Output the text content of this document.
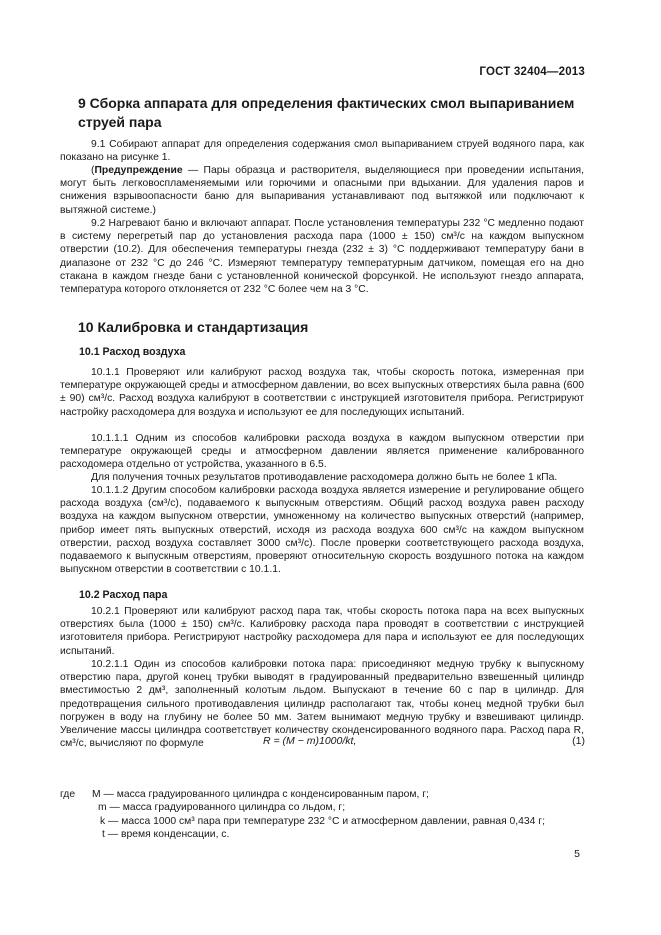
ГОСТ 32404—2013
9 Сборка аппарата для определения фактических смол выпариванием струей пара
9.1 Собирают аппарат для определения содержания смол выпариванием струей водяного пара, как показано на рисунке 1.
(Предупреждение — Пары образца и растворителя, выделяющиеся при проведении испытания, могут быть легковоспламеняемыми или горючими и опасными при вдыхании. Для удаления паров и снижения взрывоопасности баню для выпаривания устанавливают под вытяжкой или подключают к вытяжной системе.)
9.2 Нагревают баню и включают аппарат. После установления температуры 232 °С медленно подают в систему перегретый пар до установления расхода пара (1000 ± 150) см³/с на каждом выпускном отверстии (10.2). Для обеспечения температуры гнезда (232 ± 3) °С поддерживают температуру бани в диапазоне от 232 °С до 246 °С. Измеряют температуру температурным датчиком, помещая его на дно стакана в каждом гнезде бани с установленной конической форсункой. Не используют гнездо аппарата, температура которого отклоняется от 232 °С более чем на 3 °С.
10 Калибровка и стандартизация
10.1 Расход воздуха
10.1.1 Проверяют или калибруют расход воздуха так, чтобы скорость потока, измеренная при температуре окружающей среды и атмосферном давлении, во всех выпускных отверстиях была равна (600 ± 90) см³/с. Расход воздуха калибруют в соответствии с инструкцией изготовителя прибора. Регистрируют настройку расходомера для воздуха и используют ее для последующих испытаний.
10.1.1.1 Одним из способов калибровки расхода воздуха в каждом выпускном отверстии при температуре окружающей среды и атмосферном давлении является применение калиброванного расходомера отдельно от устройства, указанного в 6.5.
Для получения точных результатов противодавление расходомера должно быть не более 1 кПа.
10.1.1.2 Другим способом калибровки расхода воздуха является измерение и регулирование общего расхода воздуха (см³/с), подаваемого к выпускным отверстиям. Общий расход воздуха равен расходу воздуха на каждом выпускном отверстии, умноженному на количество выпускных отверстий (например, прибор имеет пять выпускных отверстий, исходя из расхода воздуха 600 см³/с на каждом выпускном отверстии, расход воздуха составляет 3000 см³/с). После проверки соответствующего расхода воздуха, подаваемого к выпускным отверстиям, проверяют относительную скорость воздушного потока на каждом выпускном отверстии в соответствии с 10.1.1.
10.2 Расход пара
10.2.1 Проверяют или калибруют расход пара так, чтобы скорость потока пара на всех выпускных отверстиях была (1000 ± 150) см³/с. Калибровку расхода пара проводят в соответствии с инструкцией изготовителя прибора. Регистрируют настройку расходомера для пара и используют ее для последующих испытаний.
10.2.1.1 Один из способов калибровки потока пара: присоединяют медную трубку к выпускному отверстию пара, другой конец трубки выводят в градуированный предварительно взвешенный цилиндр вместимостью 2 дм³, заполненный колотым льдом. Выпускают в течение 60 с пар в цилиндр. Для предотвращения сильного противодавления цилиндр располагают так, чтобы конец медной трубки был погружен в воду на глубину не более 50 мм. Затем вынимают медную трубку и взвешивают цилиндр. Увеличение массы цилиндра соответствует количеству сконденсированного водяного пара. Расход пара R, см³/с, вычисляют по формуле	R = (M − m)1000/kt,	(1)
где	M — масса градуированного цилиндра с конденсированным паром, г;
m — масса градуированного цилиндра со льдом, г;
k — масса 1000 см³ пара при температуре 232 °С и атмосферном давлении, равная 0,434 г;
t — время конденсации, с.
5
